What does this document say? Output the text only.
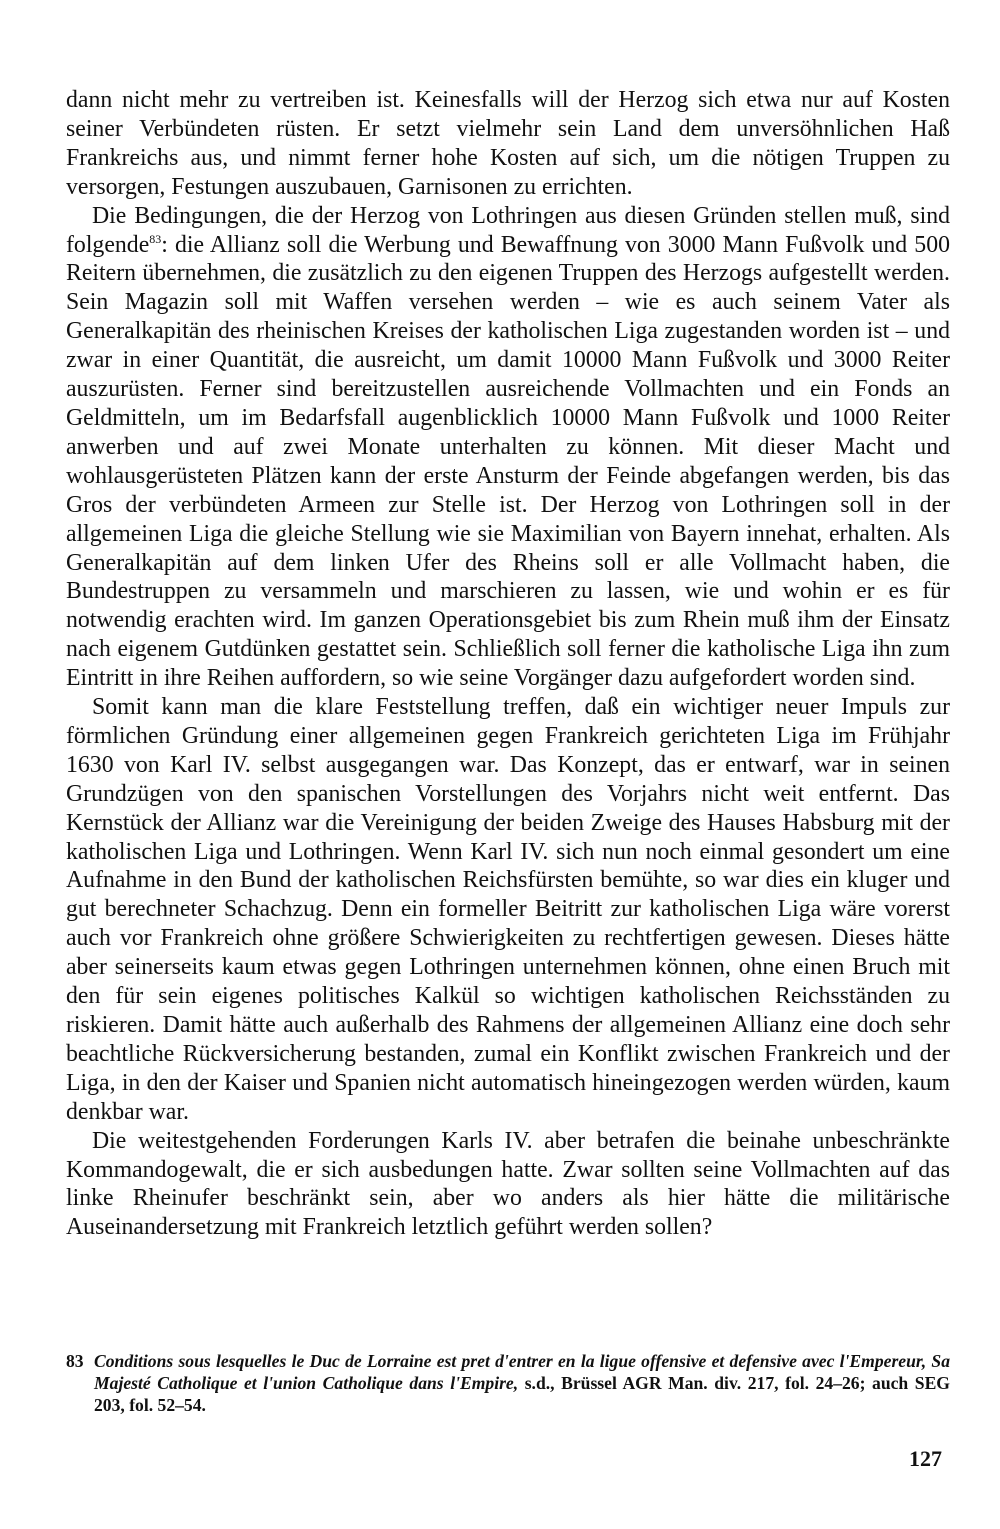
dann nicht mehr zu vertreiben ist. Keinesfalls will der Herzog sich etwa nur auf Kosten seiner Verbündeten rüsten. Er setzt vielmehr sein Land dem unversöhnlichen Haß Frankreichs aus, und nimmt ferner hohe Kosten auf sich, um die nötigen Truppen zu versorgen, Festungen auszubauen, Garnisonen zu errichten.

Die Bedingungen, die der Herzog von Lothringen aus diesen Gründen stellen muß, sind folgende$^{83}$: die Allianz soll die Werbung und Bewaffnung von 3000 Mann Fußvolk und 500 Reitern übernehmen, die zusätzlich zu den eigenen Truppen des Herzogs aufgestellt werden. Sein Magazin soll mit Waffen versehen werden – wie es auch seinem Vater als Generalkapitän des rheinischen Kreises der katholischen Liga zugestanden worden ist – und zwar in einer Quantität, die ausreicht, um damit 10000 Mann Fußvolk und 3000 Reiter auszurüsten. Ferner sind bereitzustellen ausreichende Vollmachten und ein Fonds an Geldmitteln, um im Bedarfsfall augenblicklich 10000 Mann Fußvolk und 1000 Reiter anwerben und auf zwei Monate unterhalten zu können. Mit dieser Macht und wohlausgerüsteten Plätzen kann der erste Ansturm der Feinde abgefangen werden, bis das Gros der verbündeten Armeen zur Stelle ist. Der Herzog von Lothringen soll in der allgemeinen Liga die gleiche Stellung wie sie Maximilian von Bayern innehat, erhalten. Als Generalkapitän auf dem linken Ufer des Rheins soll er alle Vollmacht haben, die Bundestruppen zu versammeln und marschieren zu lassen, wie und wohin er es für notwendig erachten wird. Im ganzen Operationsgebiet bis zum Rhein muß ihm der Einsatz nach eigenem Gutdünken gestattet sein. Schließlich soll ferner die katholische Liga ihn zum Eintritt in ihre Reihen auffordern, so wie seine Vorgänger dazu aufgefordert worden sind.

Somit kann man die klare Feststellung treffen, daß ein wichtiger neuer Impuls zur förmlichen Gründung einer allgemeinen gegen Frankreich gerichteten Liga im Frühjahr 1630 von Karl IV. selbst ausgegangen war. Das Konzept, das er entwarf, war in seinen Grundzügen von den spanischen Vorstellungen des Vorjahrs nicht weit entfernt. Das Kernstück der Allianz war die Vereinigung der beiden Zweige des Hauses Habsburg mit der katholischen Liga und Lothringen. Wenn Karl IV. sich nun noch einmal gesondert um eine Aufnahme in den Bund der katholischen Reichsfürsten bemühte, so war dies ein kluger und gut berechneter Schachzug. Denn ein formeller Beitritt zur katholischen Liga wäre vorerst auch vor Frankreich ohne größere Schwierigkeiten zu rechtfertigen gewesen. Dieses hätte aber seinerseits kaum etwas gegen Lothringen unternehmen können, ohne einen Bruch mit den für sein eigenes politisches Kalkül so wichtigen katholischen Reichsständen zu riskieren. Damit hätte auch außerhalb des Rahmens der allgemeinen Allianz eine doch sehr beachtliche Rückversicherung bestanden, zumal ein Konflikt zwischen Frankreich und der Liga, in den der Kaiser und Spanien nicht automatisch hineingezogen werden würden, kaum denkbar war.

Die weitestgehenden Forderungen Karls IV. aber betrafen die beinahe unbeschränkte Kommandogewalt, die er sich ausbedungen hatte. Zwar sollten seine Vollmachten auf das linke Rheinufer beschränkt sein, aber wo anders als hier hätte die militärische Auseinandersetzung mit Frankreich letztlich geführt werden sollen?

83 Conditions sous lesquelles le Duc de Lorraine est pret d'entrer en la ligue offensive et defensive avec l'Empereur, Sa Majesté Catholique et l'union Catholique dans l'Empire, s.d., Brüssel AGR Man. div. 217, fol. 24–26; auch SEG 203, fol. 52–54.
127
